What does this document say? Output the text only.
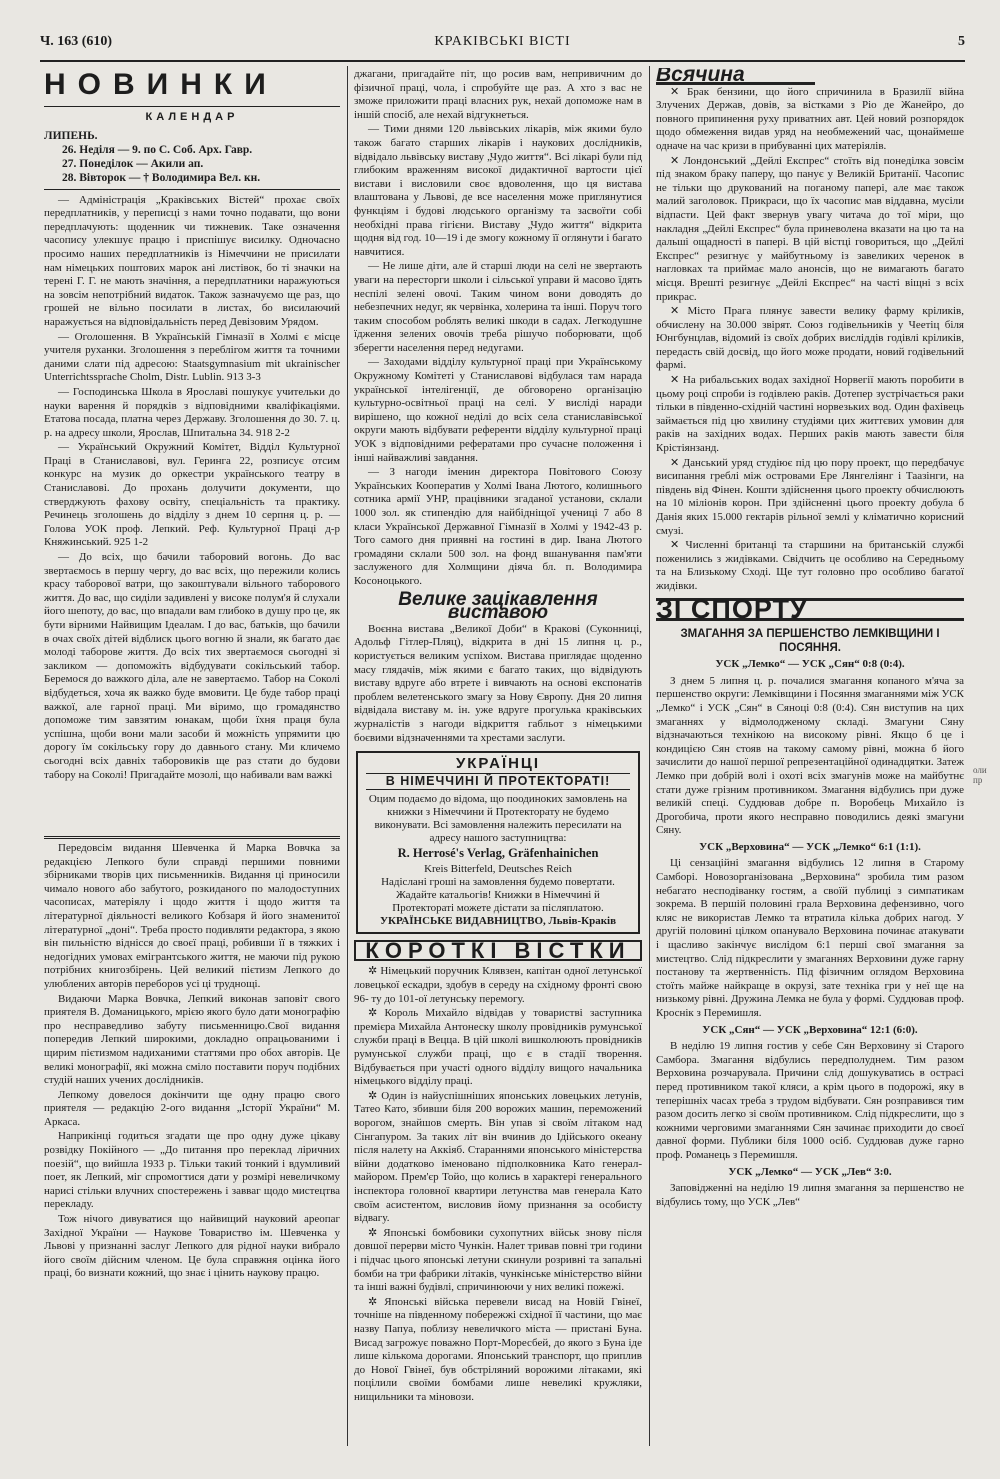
Ч. 163 (610)	КРАКІВСЬКІ ВІСТІ	5
НОВИНКИ
КАЛЕНДАР
ЛИПЕНЬ.
26. Неділя — 9. по С. Соб. Арх. Гавр.
27. Понеділок — Акили ап.
28. Вівторок — † Володимира Вел. кн.

— Адміністрація „Краківських Вістей“ прохає своїх передплатників, у переписці з нами точно подавати, що вони передплачують: щоденник чи тижневик. Таке означення часопису улекшує працю і приспішує висилку. Одночасно просимо наших передплатників із Німеччини не присилати нам німецьких поштових марок ані листівок, бо ті значки на терені Г. Г. не мають значіння, а передплатники наражуються на зовсім непотрібний видаток. Також зазначуємо ще раз, що грошей не вільно посилати в листах, бо висилаючий наражується на відповідальність перед Девізовим Урядом.

— Оголошення. В Українській Гімназії в Холмі є місце учителя руханки. Зголошення з переблігом життя та точними даними слати під адресою: Staatsgymnasium mit ukrainischer Unterrichtssprache Cholm, Distr. Lublin. 913 3-3

— Господинська Школа в Ярославі пошукує учительки до науки варення й порядків з відповідними кваліфікаціями. Етатова посада, платна через Державу. Зголошення до 30. 7. ц. р. на адресу школи, Ярослав, Шпитальна 34. 918 2-2

— Український Окружний Комітет, Відділ Культурної Праці в Станиславові, вул. Геринга 22, розписує отсим конкурс на музик до оркестри українського театру в Станиславові. До прохань долучити документи, що стверджують фахову освіту, спеціальність та практику. Речинець зголошень до відділу з днем 10 серпня ц. р. — Голова УОК проф. Лепкий. Реф. Культурної Праці д-р Княжинський. 925 1-2

— До всіх, що бачили таборовий вогонь. До вас звертаємось в першу чергу, до вас всіх, що пережили колись красу таборової ватри, що закоштували вільного таборового життя. До вас, що сиділи задивлені у високе полум'я й слухали його шепоту, до вас, що впадали вам глибоко в душу про це, як бути вірними Найвищим Ідеалам. І до вас, батьків, що бачили в очах своїх дітей відблиск цього вогню й знали, як багато дає молоді таборове життя. До всіх тих звертаємося сьогодні зі закликом — допоможіть відбудувати сокільський табор. Беремося до важкого діла, але не завертаємо. Табор на Соколі відбудеться, хоча як важко буде вмовити. Це буде табор праці важкої, але гарної праці. Ми віримо, що громадянство допоможе тим завзятим юнакам, щоби їхня праця була успішна, щоби вони мали засоби й можність упрямити цю дорогу їм сокільську гору до давнього стану. Ми кличемо сьогодні всіх давніх таборовиків ще раз стати до будови табору на Соколі! Пригадайте мозолі, що набивали вам важкі

Передовсім видання Шевченка й Марка Вовчка за редакцією Лепкого були справді першими повними збірниками творів цих письменників. Видання ці приносили чимало нового або забутого, розкиданого по малодоступних часописах, матеріялу і щодо життя і щодо життя та літературної діяльності великого Кобзаря й його знаменитої літературної „доні“. Треба просто подивляти редактора, з якою він пильністю віднісся до своєї праці, робивши її в тяжких і недогідних умовах емігрантського життя, не маючи під рукою потрібних книгозбірень. Цей великий пієтизм Лепкого до улюблених авторів переборов усі ці труднощі.

Видаючи Марка Вовчка, Лепкий виконав заповіт свого приятеля В. Доманицького, мрією якого було дати монографію про несправедливо забуту письменницю.Свої видання попередив Лепкий широкими, докладно опрацьованими і щирим пієтизмом надиханими статтями про обох авторів. Це великі монографії, які можна сміло поставити поруч подібних студій наших учених дослідників.

Лепкому довелося докінчити ще одну працю свого приятеля — редакцію 2-ого видання „Історії України“ М. Аркаса.

Наприкінці годиться згадати ще про одну дуже цікаву розвідку Покійного — „До питання про переклад ліричних поезій“, що вийшла 1933 р. Тільки такий тонкий і вдумливий поет, як Лепкий, міг спромогтися дати у розмірі невеличкому нарисі стільки влучних спостережень і завваг щодо мистецтва перекладу.

Тож нічого дивуватися що найвищий науковий ареопаг Західної України — Наукове Товариство ім. Шевченка у Львові у признанні заслуг Лепкого для рідної науки вибрало його своїм дійсним членом. Це була справжня оцінка його праці, бо визнати кожний, що знає і цінить наукову працю.

джагани, пригадайте піт, що росив вам, непривичним до фізичної праці, чола, і спробуйте ще раз. А хто з вас не зможе приложити праці власних рук, нехай допоможе нам в іншій спосіб, але нехай відгукнеться.

— Тими днями 120 львівських лікарів, між якими було також багато старших лікарів і наукових дослідників, відвідало львівську виставу „Чудо життя“. Всі лікарі були під глибоким враженням високої дидактичної вартости цієї вистави і висловили своє вдоволення, що ця вистава влаштована у Львові, де все населення може приглянутися функціям і будові людського організму та засвоїти собі необхідні права гігієни. Виставу „Чудо життя“ відкрита щодня від год. 10—19 і де змогу кожному її оглянути і багато навчитися.

— Не лише діти, але й старші люди на селі не звертають уваги на пересторги школи і сільської управи й масово їдять неспілі зелені овочі. Таким чином вони доводять до небезпечних недуг, як червінка, холерина та інші. Поруч того таким способом роблять великі шкоди в садах. Легкодушне їдження зелених овочів треба рішучо поборювати, щоб зберегти населення перед недугами.

— Заходами відділу культурної праці при Українському Окружному Комітеті у Станиславові відбулася там нарада української інтелігенції, де обговорено організацію культурно-освітньої праці на селі. У висліді наради вирішено, що кожної неділі до всіх села станиславівської округи мають відбувати референти відділу культурної праці УОК з відповідними рефератами про сучасне положення і інші найважливі завдання.

— З нагоди іменин директора Повітового Союзу Українських Кооператив у Холмі Івана Лютого, колишнього сотника армії УНР, працівники згаданої установи, склали 1000 зол. як стипендію для найбідніщої учениці 7 або 8 класи Української Державної Гімназії в Холмі у 1942-43 р. Того самого дня приявні на гостині в дир. Івана Лютого громадяни склали 500 зол. на фонд вшанування пам'яти заслуженого для Холмщини діяча бл. п. Володимира Косоноцького.

Велике зацікавлення виставою

Воєнна вистава „Великої Доби“ в Кракові (Суконниці, Адольф Гітлер-Пляц), відкрита в дні 15 липня ц. р., користується великим успіхом. Вистава приглядає щоденно масу глядачів, між якими є багато таких, що відвідують виставу вдруге або втрете і вивчають на основі експонатів проблем велетенського змагу за Нову Європу. Дня 20 липня відвідала виставу м. ін. уже вдруге прогулька краківських журналістів з нагоди відкриття габльот з німецькими боєвими відзначеннями та хрестами заслуги.

УКРАЇНЦІ
В НІМЕЧЧИНІ Й ПРОТЕКТОРАТІ!
Оцим подаємо до відома, що поодиноких замовлень на книжки з Німеччини й Протекторату не будемо виконувати. Всі замовлення належить пересилати на адресу нашого заступництва:
R. Herrosé's Verlag, Gräfenhainichen
Kreis Bitterfeld, Deutsches Reich
Надіслані гроші на замовлення будемо повертати. Жадайте катальогів! Книжки в Німеччині й Протектораті можете дістати за післяплатою.
УКРАЇНСЬКЕ ВИДАВНИЦТВО, Львів-Краків
КОРОТКІ ВІСТКИ

✲ Німецький поручник Клявзен, капітан одної летунської ловецької ескадри, здобув в середу на східному фронті свою 96- ту до 101-ої летунську перемогу.

✲ Король Михайло відвідав у товаристві заступника премієра Михайла Антонеску школу провідників румунської служби праці в Вецца. В цій школі вишколюють провідників румунської служби праці, що є в стадії творення. Відбувається при участі одного відділу вищого начальника німецького відділу праці.

✲ Один із найуспішніших японських ловецьких летунів, Татео Като, збивши біля 200 ворожих машин, переможений ворогом, знайшов смерть. Він упав зі своїм літаком над Сінгапуром. За таких літ він вчинив до Ідійського океану після налету на Аккіяб. Стараннями японського міністерства війни додатково іменовано підполковника Като генерал-майором. Прем'єр Тойо, що колись в характері генерального інспектора головної квартири летунства мав генерала Като своїм асистентом, висловив йому признання за особисту відвагу.

✲ Японські бомбовики сухопутних військ знову після довшої перерви місто Чункін. Налет тривав повні три години і підчас цього японські летуни скинули розривні та запальні бомби на три фабрики літаків, чункінське міністерство війни та інші важні будівлі, спричинюючи у них великі пожежі.

✲ Японські війська перевели висад на Новій Гвінеї, точніше на південному побережжі східної її частини, що має назву Папуа, поблизу невеличкого міста — пристані Буна. Висад загрожує поважно Порт-Моресбей, до якого з Буна іде лише кількома дорогами. Японський транспорт, що приплив до Нової Гвінеї, був обстріляний ворожими літаками, які поцілили своїми бомбами лише невеликі кружляки, нищильники та міновози.

Всячина

✕ Брак бензини, що його спричинила в Бразилії війна Злучених Держав, довів, за вістками з Ріо де Жанейро, до повного припинення руху приватних авт. Цей новий розпорядок щодо обмеження видав уряд на необмежений час, щонаймеше одначе на час кризи в прибуванні цих матеріялів.

✕ Лондонський „Дейлі Експрес“ стоїть від понеділка зовсім під знаком браку паперу, що панує у Великій Британії. Часопис не тільки що друкований на поганому папері, але має також малий заголовок. Прикраси, що їх часопис мав віддавна, мусіли відпасти. Цей факт звернув увагу читача до тої міри, що накладня „Дейлі Експрес“ була приневолена вказати на цю та на дальші ощадності в папері. В цій вістці говориться, що „Дейлі Експрес“ резигнує у майбутньому із завеликих черенок в нагловках та приймає мало анонсів, що не вимагають багато місця. Врешті резигнує „Дейлі Експрес“ на часті віщні з всіх прикрас.

✕ Місто Прага плянує завести велику фарму кріликів, обчислену на 30.000 звірят. Союз годівельників у Чеетіц біля Юнгбунцлав, відомий із своїх добрих висліддів годівлі кріликів, передасть свій досвід, що його може продати, новий годівельний фармі.

✕ На рибальських водах західної Норвегії мають поробити в цьому році спроби із годівлею раків. Дотепер зустрічається раки тільки в південно-східній частині норвезьких вод. Один фахівець займається під цю хвилину студіями цих життєвих умовин для раків на західних водах. Перших раків мають завести біля Крістіянзанд.

✕ Данський уряд студіює під цю пору проект, що передбачує висипання греблі між островами Ере Лянгеліянг і Таазінги, на південь від Фінен. Кошти здійснення цього проекту обчислюють на 10 міліонів корон. При здійсненні цього проекту добула б Данія яких 15.000 гектарів рільної землі у кліматично корисний смузі.

✕ Численні британці та старшини на британській службі поженились з жидівками. Свідчить це особливо на Середньому та на Близькому Сході. Ще тут головно про особливо багатої жидівки.

ЗІ СПОРТУ
ЗМАГАННЯ ЗА ПЕРШЕНСТВО ЛЕМКІВЩИНИ І ПОСЯННЯ.
УСК „Лемко“ — УСК „Сян“ 0:8 (0:4).

З днем 5 липня ц. р. почалися змагання копаного м'яча за першенство округи: Лемківщини і Посяння змаганнями між УСК „Лемко“ і УСК „Сян“ в Сяноці 0:8 (0:4). Сян виступив на цих змаганнях у відмолодженому складі. Змагуни Сяну відзначаються технікою на високому рівні. Якщо б це і кондицією Сян стояв на такому самому рівні, можна б його зачислити до нашої першої репрезентаційної одинадцятки. Затеж Лемко при добрій волі і охоті всіх змагунів може на майбутнє стати дуже грізним противником. Змагання відбулись при дуже великій спеці. Суддював добре п. Воробець Михайло із Дрогобича, проти якого несправно поводились деякі змагуни Сяну.

УСК „Верховина“ — УСК „Лемко“ 6:1 (1:1).

Ці сензаційні змагання відбулись 12 липня в Старому Самборі. Новозорганізована „Верховина“ зробила тим разом небагато несподіванку гостям, а своїй публиці з симпатикам зокрема. В першій половині грала Верховина дефензивно, чого кляс не використав Лемко та втратила кілька добрих нагод. У другій половині цілком опанувало Верховина починає атакувати і щасливо закінчує вислідом 6:1 перші свої змагання за мистецтво. Слід підкреслити у змаганнях Верховини дуже гарну постанову та жертвенність. Під фізичним оглядом Верховина стоїть майже найкраще в окрузі, зате техніка гри у неї ще на низькому рівні. Дружина Лемка не була у формі. Суддював проф. Кроснік з Перемишля.

УСК „Сян“ — УСК „Верховина“ 12:1 (6:0).

В неділю 19 липня гостив у себе Сян Верховину зі Старого Самбора. Змагання відбулись передполуднем. Тим разом Верховина розчарувала. Причини слід дошукуватись в острасі перед противником такої кляси, а крім цього в подорожі, яку в теперішніх часах треба з трудом відбувати. Сян розправився тим разом досить легко зі своїм противником. Слід підкреслити, що з кожними черговими змаганнями Сян зачинає приходити до своєї давної форми. Публики біля 1000 осіб. Суддював дуже гарно проф. Романець з Перемишля.

УСК „Лемко“ — УСК „Лев“ 3:0.

Заповідженні на неділю 19 липня змагання за першенство не відбулись тому, що УСК „Лев“

оли
пр
